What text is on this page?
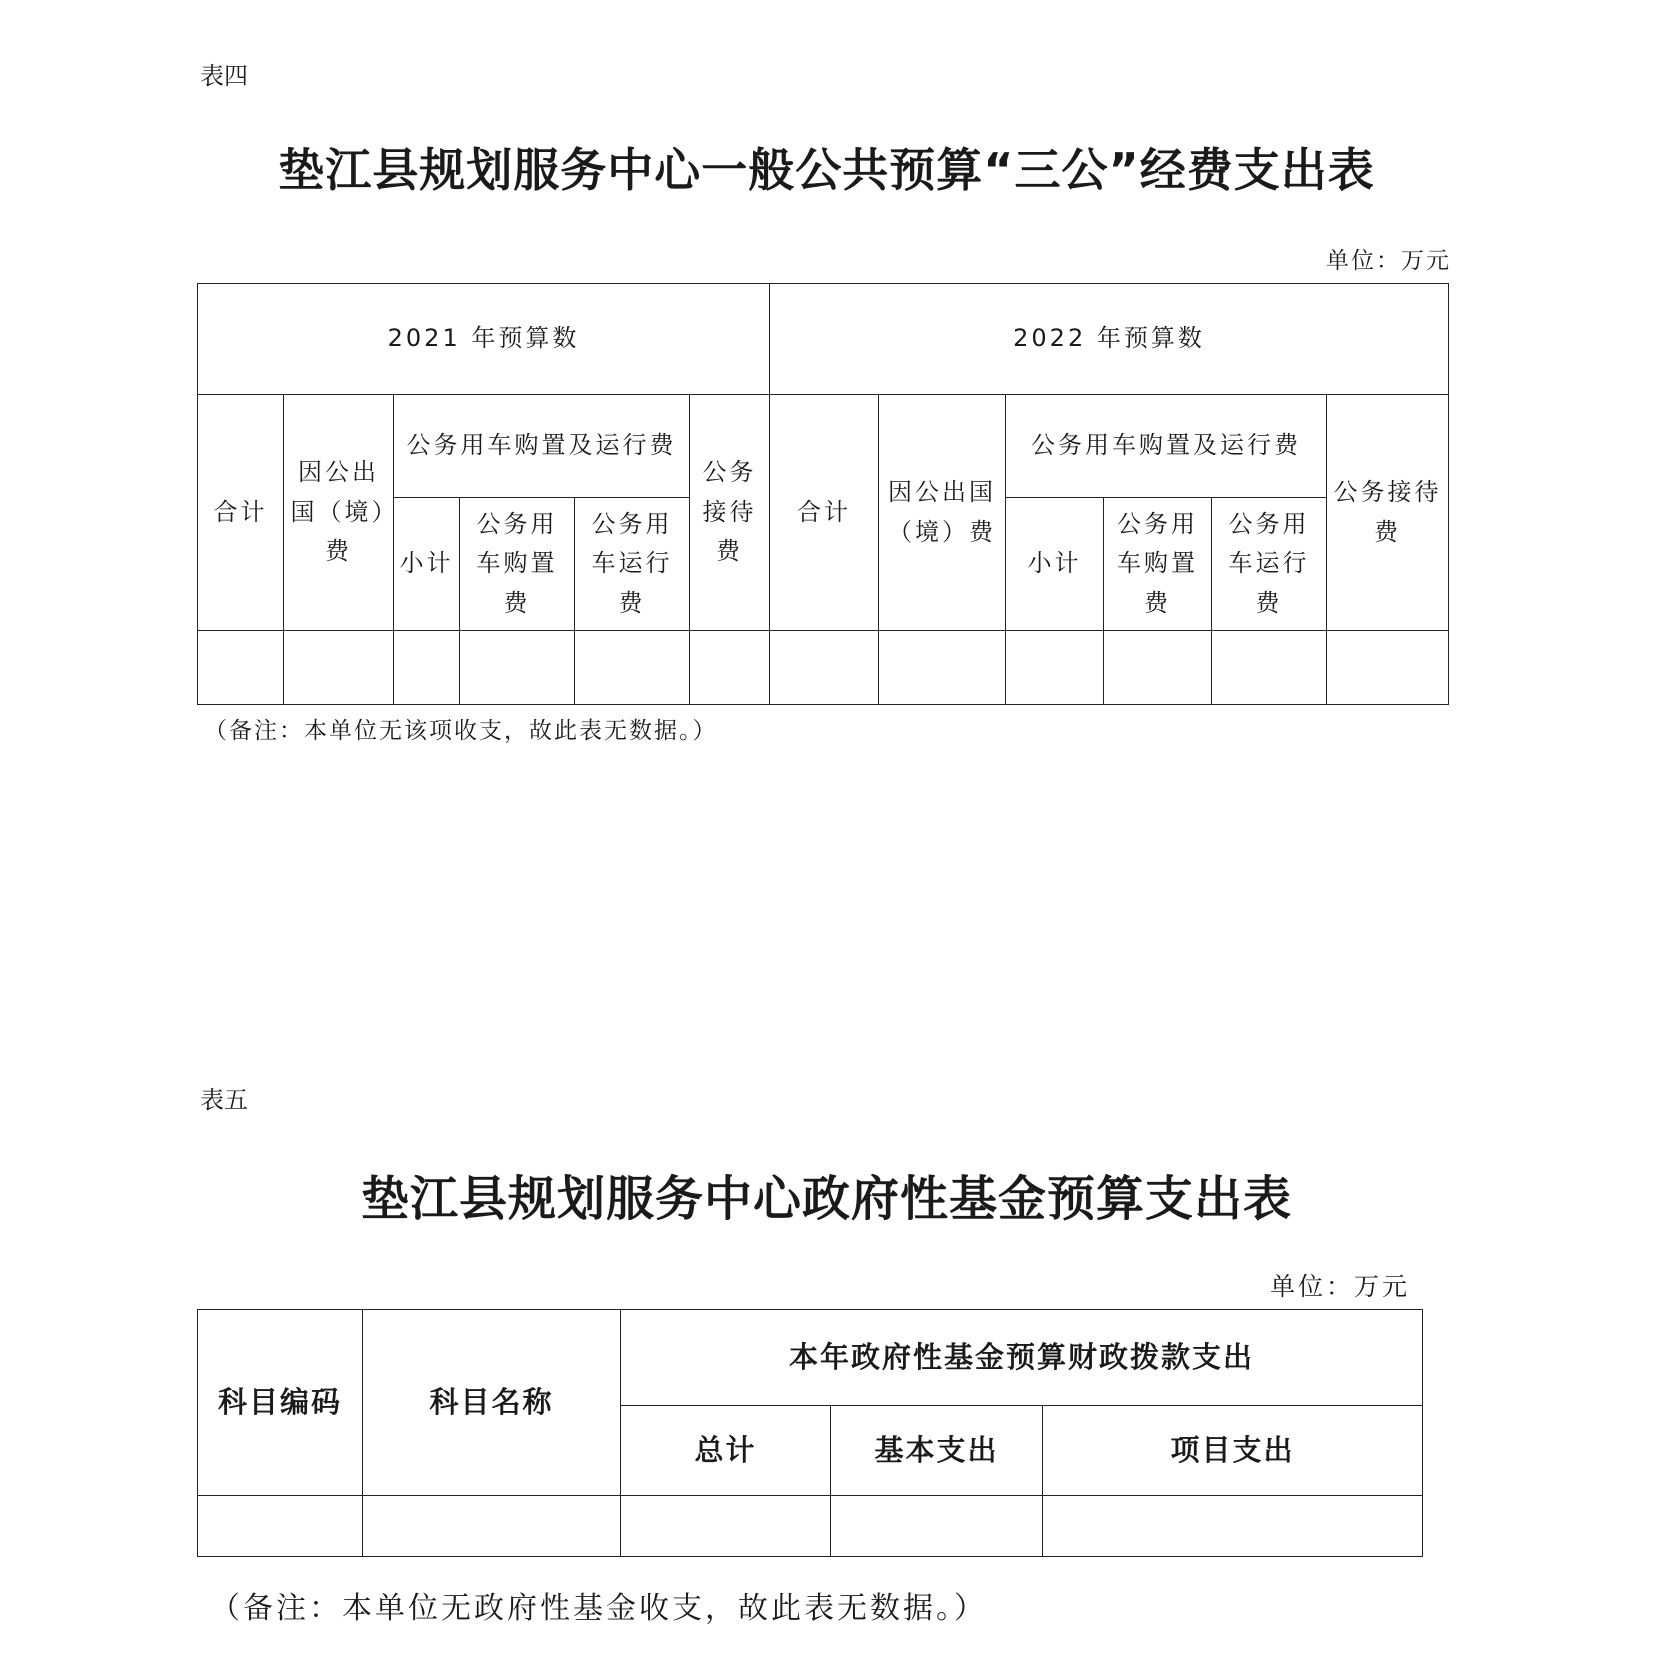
表四
垫江县规划服务中心一般公共预算“三公”经费支出表
单位：万元
2021 年预算数						2022 年预算数					
合计	因公出国（境）费	公务用车购置及运行费			公务接待费	合计	因公出国（境）费	公务用车购置及运行费			公务接待费
		小计	公务用车购置费	公务用车运行费				小计	公务用车购置费	公务用车运行费	

（备注：本单位无该项收支，故此表无数据。）
表五
垫江县规划服务中心政府性基金预算支出表
单位：万元
科目编码	科目名称	本年政府性基金预算财政拨款支出		
		总计	基本支出	项目支出

（备注：本单位无政府性基金收支，故此表无数据。）
